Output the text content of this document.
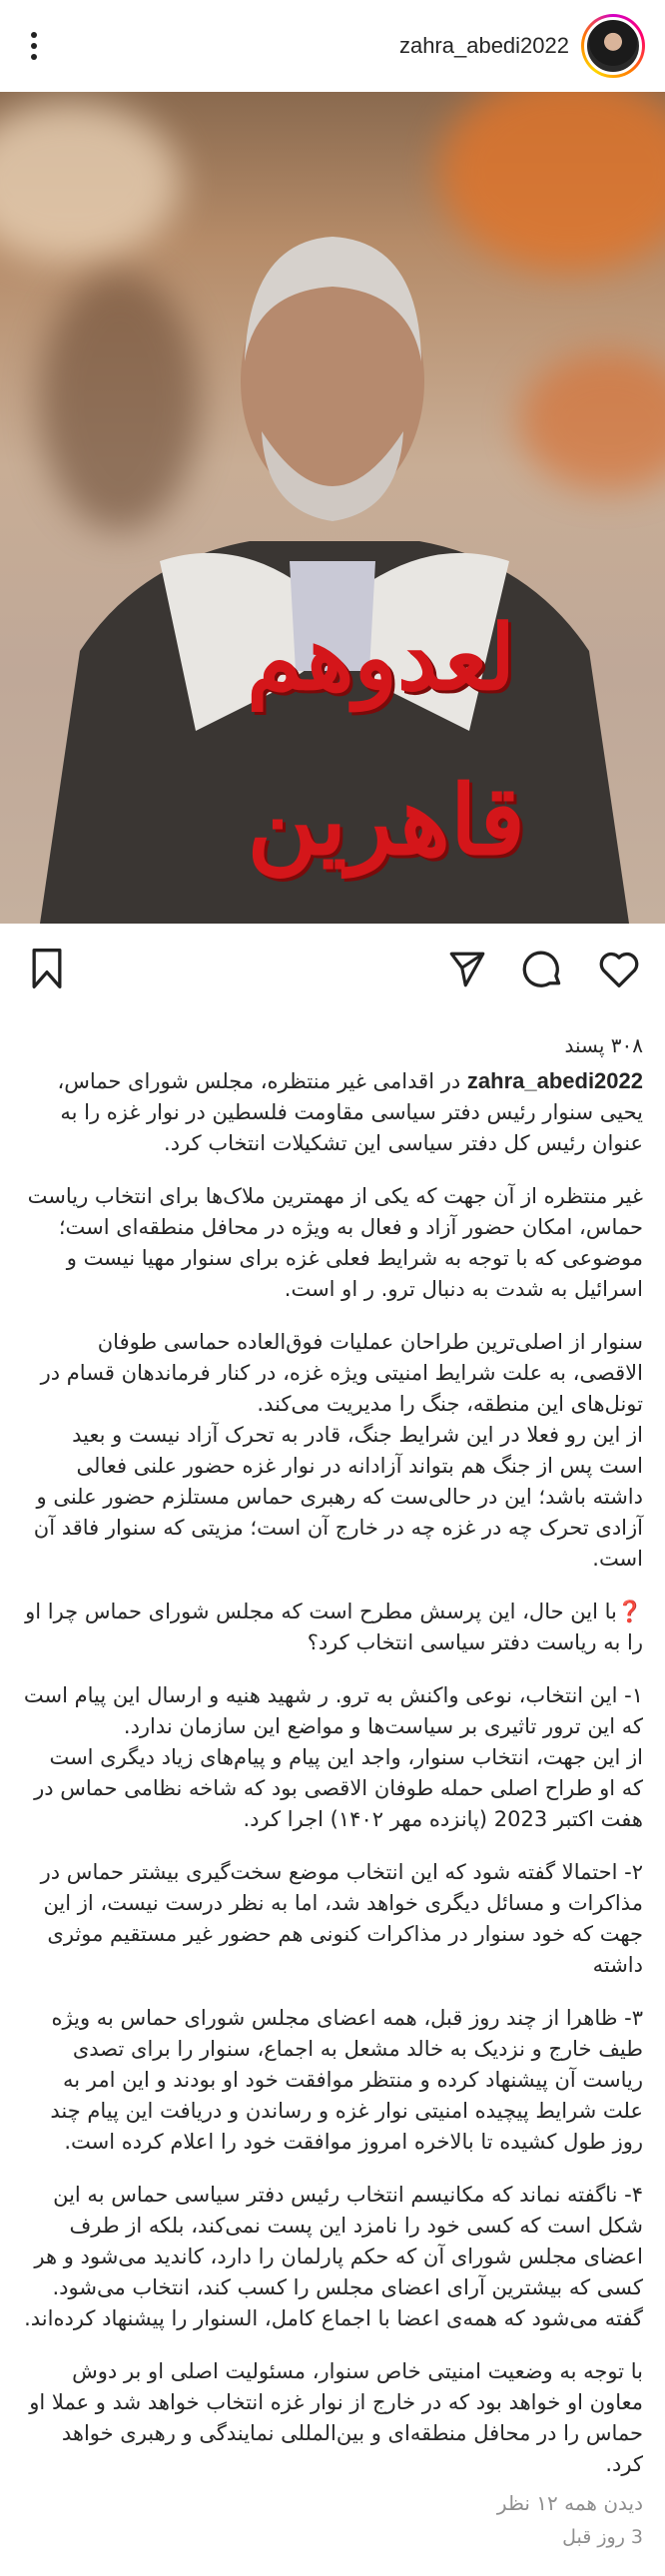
zahra_abedi2022
لعدوهم
قاهرين
۳۰۸ پسند

zahra_abedi2022 در اقدامی غیر منتظره، مجلس شورای حماس، یحیی سنوار رئیس دفتر سیاسی مقاومت فلسطین در نوار غزه را به عنوان رئیس کل دفتر سیاسی این تشکیلات انتخاب کرد.

غیر منتظره از آن جهت که یکی از مهمترین ملاک‌ها برای انتخاب ریاست حماس، امکان حضور آزاد و فعال به ویژه در محافل منطقه‌ای است؛
موضوعی که با توجه به شرایط فعلی غزه برای سنوار مهیا نیست و اسرائیل به شدت به دنبال ترو. ر او است.

سنوار از اصلی‌ترین طراحان عملیات فوق‌العاده حماسی طوفان الاقصی، به علت شرایط امنیتی ویژه غزه، در کنار فرماندهان قسام در تونل‌های این منطقه، جنگ را مدیریت می‌کند.
از این رو فعلا در این شرایط جنگ، قادر به تحرک آزاد نیست و بعید است پس از جنگ هم بتواند آزادانه در نوار غزه حضور علنی فعالی داشته باشد؛ این در حالی‌ست که رهبری حماس مستلزم حضور علنی و آزادی تحرک چه در غزه چه در خارج آن است؛ مزیتی که سنوار فاقد آن است.

❓با این حال، این پرسش مطرح است که مجلس شورای حماس چرا او را به ریاست دفتر سیاسی انتخاب کرد؟

۱- این انتخاب، نوعی واکنش به ترو. ر شهید هنیه و ارسال این پیام است که این ترور تاثیری بر سیاست‌ها و مواضع این سازمان ندارد.
از این جهت، انتخاب سنوار، واجد این پیام و پیام‌های زیاد دیگری است که او طراح اصلی حمله طوفان الاقصی بود که شاخه نظامی حماس در هفت اکتبر 2023 (پانزده مهر ۱۴۰۲) اجرا کرد.

۲- احتمالا گفته شود که این انتخاب موضع سخت‌گیری بیشتر حماس در مذاکرات و مسائل دیگری خواهد شد، اما به نظر درست نیست، از این جهت که خود سنوار در مذاکرات کنونی هم حضور غیر مستقیم موثری داشته

۳- ظاهرا از چند روز قبل، همه اعضای مجلس شورای حماس به ویژه طیف خارج و نزدیک به خالد مشعل به اجماع، سنوار را برای تصدی ریاست آن پیشنهاد کرده و منتظر موافقت خود او بودند و این امر به علت شرایط پیچیده امنیتی نوار غزه و رساندن و دریافت این پیام چند روز طول کشیده تا بالاخره امروز موافقت خود را اعلام کرده است.

۴- ناگفته نماند که مکانیسم انتخاب رئیس دفتر سیاسی حماس به این شکل است که کسی خود را نامزد این پست نمی‌کند، بلکه از طرف اعضای مجلس شورای آن که حکم پارلمان را دارد، کاندید می‌شود و هر کسی که بیشترین آرای اعضای مجلس را کسب کند، انتخاب می‌شود. گفته می‌شود که همه‌ی اعضا با اجماع کامل، السنوار را پیشنهاد کرده‌اند.

با توجه به وضعیت امنیتی خاص سنوار، مسئولیت اصلی او بر دوش معاون او خواهد بود که در خارج از نوار غزه انتخاب خواهد شد و عملا او حماس را در محافل منطقه‌ای و بین‌المللی نمایندگی و رهبری خواهد کرد.

دیدن همه ۱۲ نظر
3 روز قبل
